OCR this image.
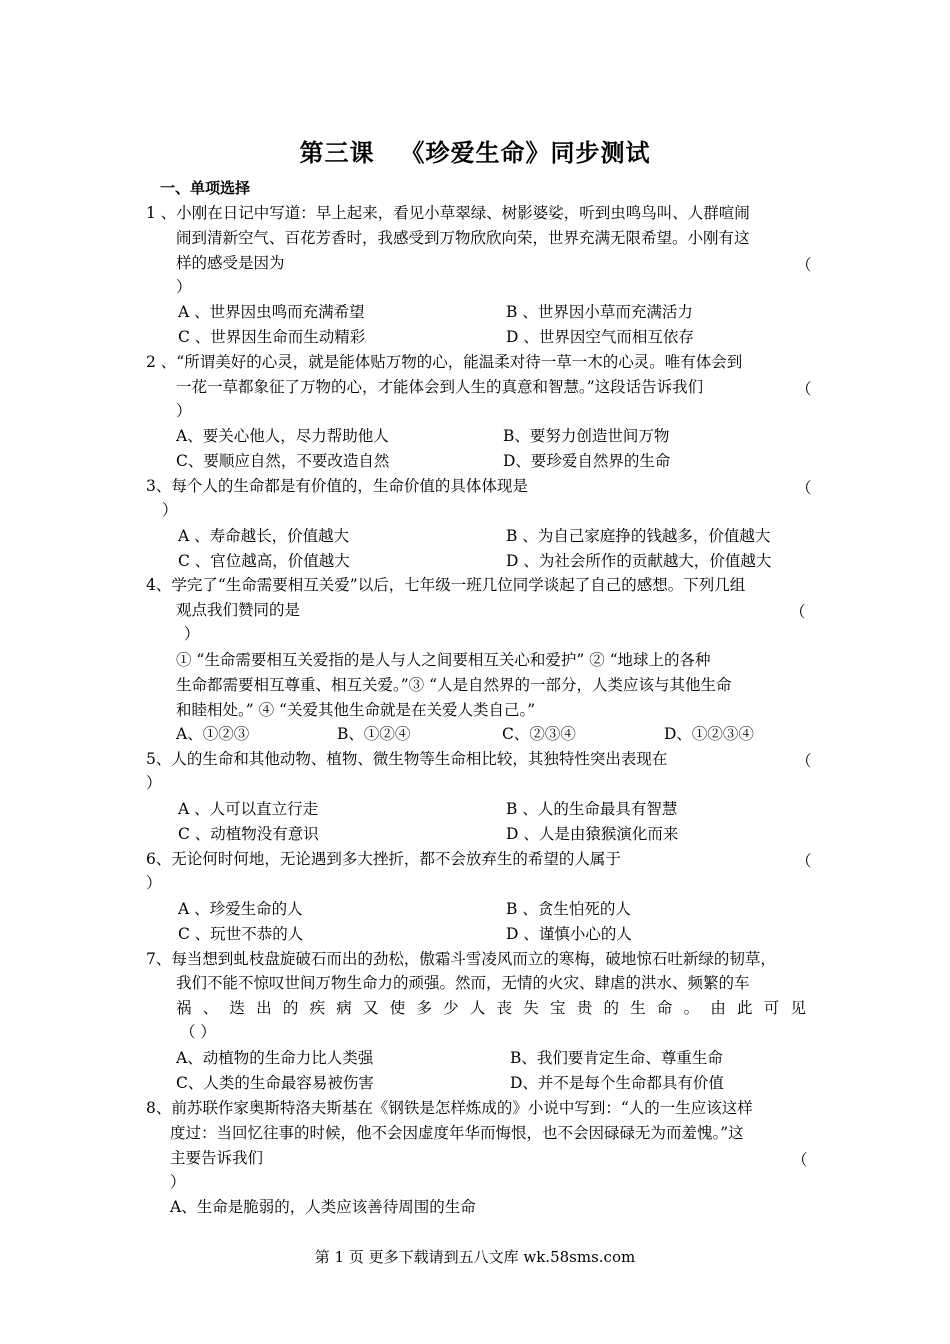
第三课 《珍爱生命》同步测试
一、单项选择
1 、小刚在日记中写道：早上起来，看见小草翠绿、树影婆娑，听到虫鸣鸟叫、人群喧闹
闹到清新空气、百花芳香时，我感受到万物欣欣向荣，世界充满无限希望。小刚有这
样的感受是因为	（
）
A 、世界因虫鸣而充满希望	B 、世界因小草而充满活力
C 、世界因生命而生动精彩	D 、世界因空气而相互依存
2 、“所谓美好的心灵，就是能体贴万物的心，能温柔对待一草一木的心灵。唯有体会到
一花一草都象征了万物的心，才能体会到人生的真意和智慧。”这段话告诉我们	（
）
A、要关心他人，尽力帮助他人	B、要努力创造世间万物
C、要顺应自然，不要改造自然	D、要珍爱自然界的生命
3、每个人的生命都是有价值的，生命价值的具体体现是	（
）
A 、寿命越长，价值越大	B 、为自己家庭挣的钱越多，价值越大
C 、官位越高，价值越大	D 、为社会所作的贡献越大，价值越大
4、学完了“生命需要相互关爱”以后，七年级一班几位同学谈起了自己的感想。下列几组
观点我们赞同的是	（
）
① “生命需要相互关爱指的是人与人之间要相互关心和爱护” ② “地球上的各种
生命都需要相互尊重、相互关爱。”③ “人是自然界的一部分，人类应该与其他生命
和睦相处。” ④ “关爱其他生命就是在关爱人类自己。”
A、①②③	B、①②④	C、②③④	D、①②③④
5、人的生命和其他动物、植物、微生物等生命相比较，其独特性突出表现在	（
）
A 、人可以直立行走	B 、人的生命最具有智慧
C 、动植物没有意识	D 、人是由猿猴演化而来
6、无论何时何地，无论遇到多大挫折，都不会放弃生的希望的人属于	（
）
A 、珍爱生命的人	B 、贪生怕死的人
C 、玩世不恭的人	D 、谨慎小心的人
7、每当想到虬枝盘旋破石而出的劲松，傲霜斗雪凌风而立的寒梅，破地惊石吐新绿的韧草，
我们不能不惊叹世间万物生命力的顽强。然而，无情的火灾、肆虐的洪水、频繁的车
祸、迭出的疾病又使多少人丧失宝贵的生命。由此可见
（ ）
A、动植物的生命力比人类强	B、我们要肯定生命、尊重生命
C、人类的生命最容易被伤害	D、并不是每个生命都具有价值
8、前苏联作家奥斯特洛夫斯基在《钢铁是怎样炼成的》小说中写到：“人的一生应该这样
度过：当回忆往事的时候，他不会因虚度年华而悔恨，也不会因碌碌无为而羞愧。”这
主要告诉我们	（
）
A、生命是脆弱的，人类应该善待周围的生命
第 1 页 更多下载请到五八文库 wk.58sms.com
